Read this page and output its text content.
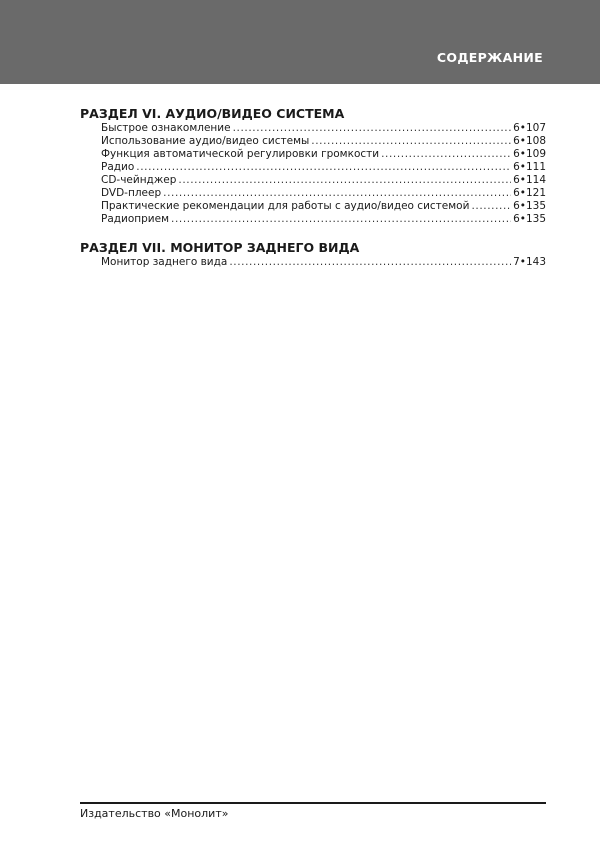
СОДЕРЖАНИЕ
РАЗДЕЛ VI. АУДИО/ВИДЕО СИСТЕМА
Быстрое ознакомление .....	6•107
Использование аудио/видео системы .....	6•108
Функция автоматической регулировки громкости .....	6•109
Радио .....	6•111
CD-чейнджер .....	6•114
DVD-плеер .....	6•121
Практические рекомендации для работы с аудио/видео системой .....	6•135
Радиоприем .....	6•135
РАЗДЕЛ VII. МОНИТОР ЗАДНЕГО ВИДА
Монитор заднего вида .....	7•143
Издательство «Монолит»
